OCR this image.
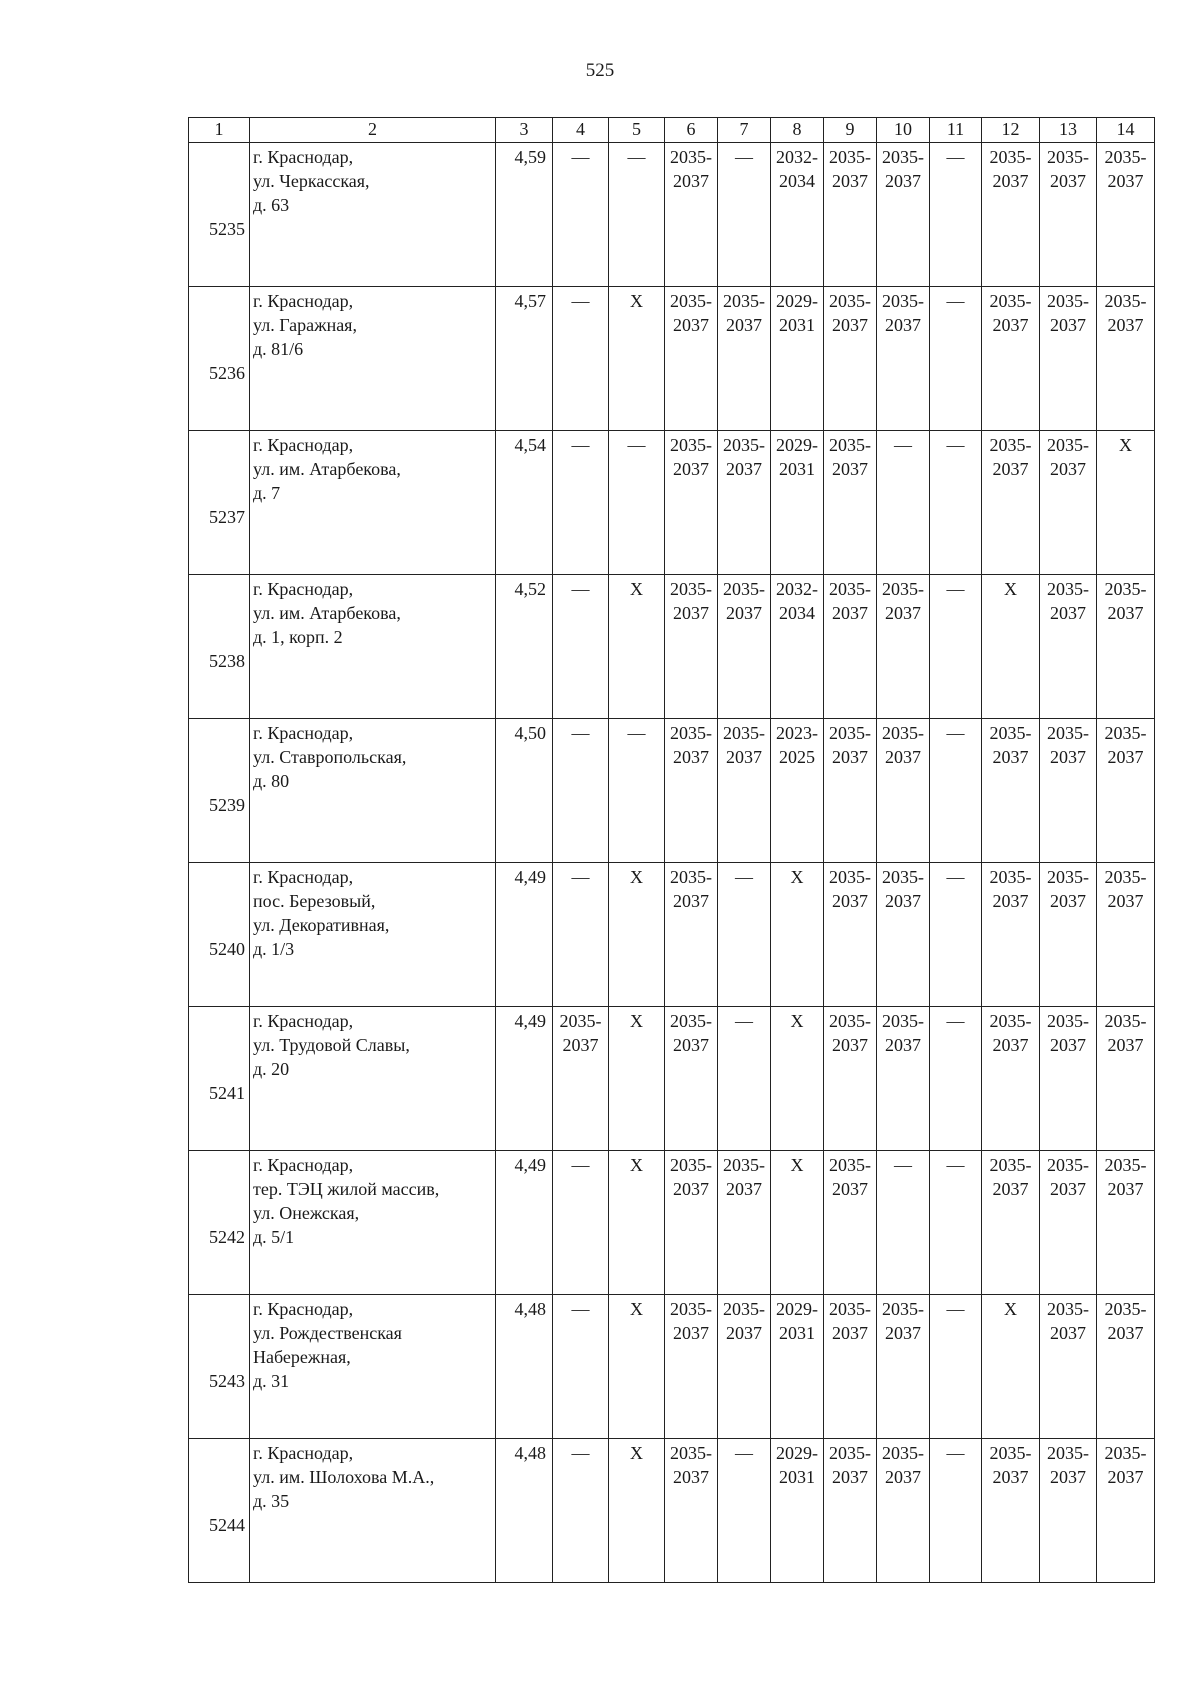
525
1	2	3	4	5	6	7	8	9	10	11	12	13	14
5235	г. Краснодар,
ул. Черкасская,
д. 63	4,59	—	—	2035-
2037	—	2032-
2034	2035-
2037	2035-
2037	—	2035-
2037	2035-
2037	2035-
2037

5236	г. Краснодар,
ул. Гаражная,
д. 81/6	4,57	—	X	2035-
2037	2035-
2037	2029-
2031	2035-
2037	2035-
2037	—	2035-
2037	2035-
2037	2035-
2037

5237	г. Краснодар,
ул. им. Атарбекова,
д. 7	4,54	—	—	2035-
2037	2035-
2037	2029-
2031	2035-
2037	—	—	2035-
2037	2035-
2037	X

5238	г. Краснодар,
ул. им. Атарбекова,
д. 1, корп. 2	4,52	—	X	2035-
2037	2035-
2037	2032-
2034	2035-
2037	2035-
2037	—	X	2035-
2037	2035-
2037

5239	г. Краснодар,
ул. Ставропольская,
д. 80	4,50	—	—	2035-
2037	2035-
2037	2023-
2025	2035-
2037	2035-
2037	—	2035-
2037	2035-
2037	2035-
2037

5240	г. Краснодар,
пос. Березовый,
ул. Декоративная,
д. 1/3	4,49	—	X	2035-
2037	—	X	2035-
2037	2035-
2037	—	2035-
2037	2035-
2037	2035-
2037

5241	г. Краснодар,
ул. Трудовой Славы,
д. 20	4,49	2035-
2037	X	2035-
2037	—	X	2035-
2037	2035-
2037	—	2035-
2037	2035-
2037	2035-
2037

5242	г. Краснодар,
тер. ТЭЦ жилой массив,
ул. Онежская,
д. 5/1	4,49	—	X	2035-
2037	2035-
2037	X	2035-
2037	—	—	2035-
2037	2035-
2037	2035-
2037

5243	г. Краснодар,
ул. Рождественская
Набережная,
д. 31	4,48	—	X	2035-
2037	2035-
2037	2029-
2031	2035-
2037	2035-
2037	—	X	2035-
2037	2035-
2037

5244	г. Краснодар,
ул. им. Шолохова М.А.,
д. 35	4,48	—	X	2035-
2037	—	2029-
2031	2035-
2037	2035-
2037	—	2035-
2037	2035-
2037	2035-
2037
